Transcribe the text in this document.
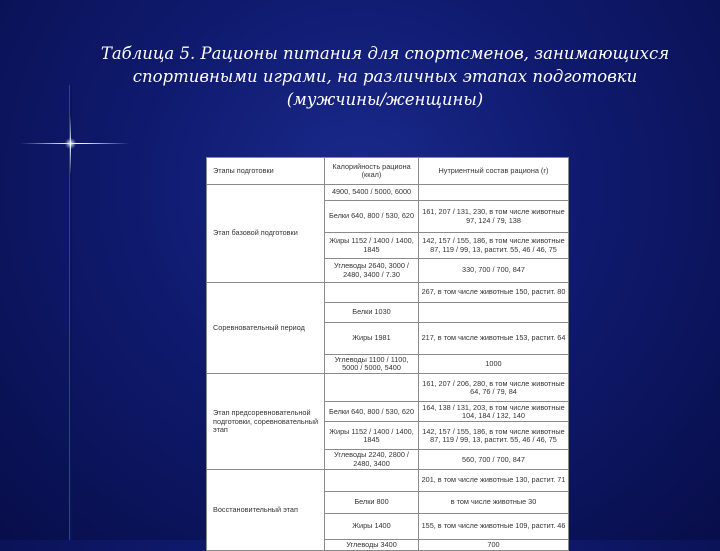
Таблица 5. Рационы питания для спортсменов, занимающихся
спортивными играми, на различных этапах подготовки
(мужчины/женщины)
Этапы подготовки	Калорийность рациона (ккал)	Нутриентный состав рациона (г)
Этап базовой подготовки	4900, 5400 / 5000, 6000	
	Белки 640, 800 / 530, 620	161, 207 / 131, 230, в том числе животные 97, 124 / 79, 138
	Жиры 1152 / 1400 / 1400, 1845	142, 157 / 155, 186, в том числе животные 87, 119 / 99, 13, растит. 55, 46 / 46, 75
	Углеводы 2640, 3000 / 2480, 3400 / 7.30	330, 700 / 700, 847
Соревновательный период		267, в том числе животные 150, растит. 80
	Белки 1030	
	Жиры 1981	217, в том числе животные 153, растит. 64
	Углеводы 1100 / 1100, 5000 / 5000, 5400	1000
Этап предсоревновательной подготовки, соревновательный этап		161, 207 / 206, 280, в том числе животные 64, 76 / 79, 84
	Белки 640, 800 / 530, 620	164, 138 / 131, 203, в том числе животные 104, 184 / 132, 140
	Жиры 1152 / 1400 / 1400, 1845	142, 157 / 155, 186, в том числе животные 87, 119 / 99, 13, растит. 55, 46 / 46, 75
	Углеводы 2240, 2800 / 2480, 3400	560, 700 / 700, 847
Восстановительный этап		201, в том числе животные 130, растит. 71
	Белки 800	в том числе животные 30
	Жиры 1400	155, в том числе животные 109, растит. 46
	Углеводы 3400	700
